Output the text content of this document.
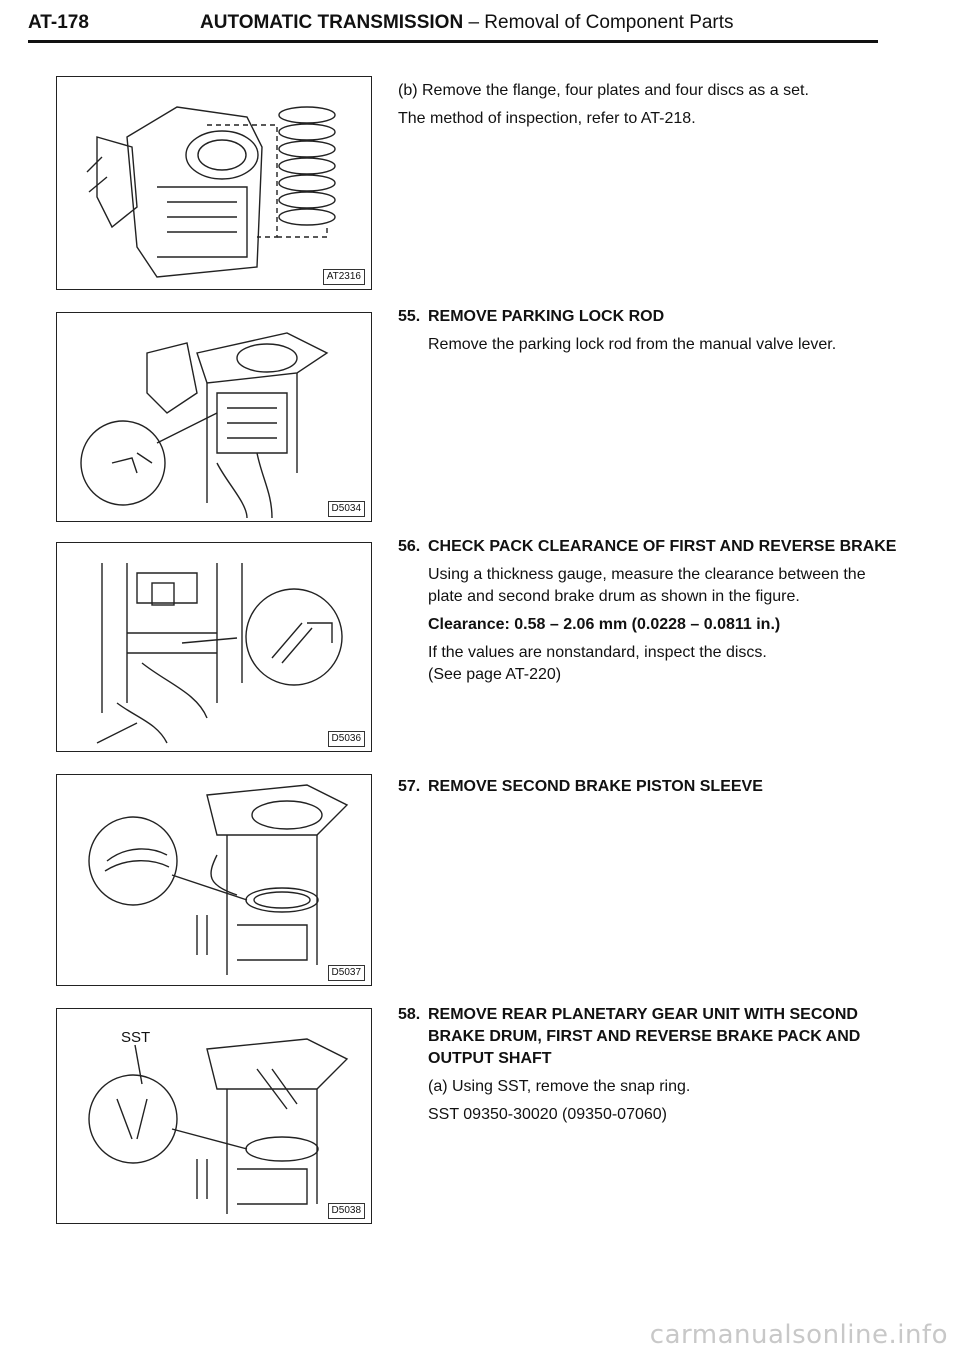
AT-178	AUTOMATIC TRANSMISSION – Removal of Component Parts
AT2316
D5034
D5036
D5037
SST
D5038
(b) Remove the flange, four plates and four discs as a set.
The method of inspection, refer to AT-218.
55. REMOVE PARKING LOCK ROD
Remove the parking lock rod from the manual valve lever.
56. CHECK PACK CLEARANCE OF FIRST AND REVERSE BRAKE
Using a thickness gauge, measure the clearance between the plate and second brake drum as shown in the figure.
Clearance: 0.58 – 2.06 mm (0.0228 – 0.0811 in.)
If the values are nonstandard, inspect the discs.
(See page AT-220)
57. REMOVE SECOND BRAKE PISTON SLEEVE
58. REMOVE REAR PLANETARY GEAR UNIT WITH SECOND BRAKE DRUM, FIRST AND REVERSE BRAKE PACK AND OUTPUT SHAFT
(a) Using SST, remove the snap ring.
SST 09350-30020 (09350-07060)
carmanualsonline.info
